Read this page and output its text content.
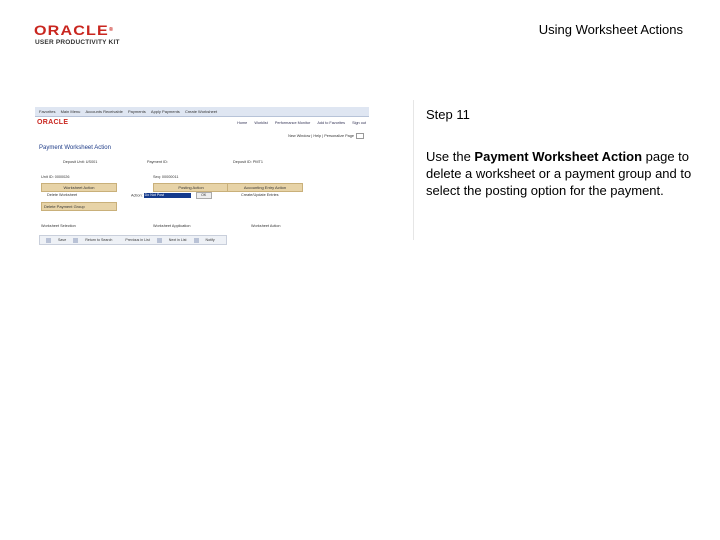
ORACLE®
USER PRODUCTIVITY KIT
Using Worksheet Actions
Favorites Main Menu Accounts Receivable Payments Apply Payments Create Worksheet
ORACLE	Home Worklist Performance Monitor Add to Favorites Sign out
New Window | Help | Personalize Page
Payment Worksheet Action
Deposit Unit: US001	Payment ID:	Deposit ID: PMT1
Unit ID: 0000026	Seq: 00000011
Worksheet Action	Posting Action	Accounting Entry Action
Delete Worksheet	Action: Do Not Post	OK	Create/Update Entries
Delete Payment Group
Worksheet Selection	Worksheet Application	Worksheet Action
Save	Return to Search	Previous in List	Next in List	Notify
Step 11
Use the Payment Worksheet Action page to delete a worksheet or a payment group and to select the posting option for the payment.
